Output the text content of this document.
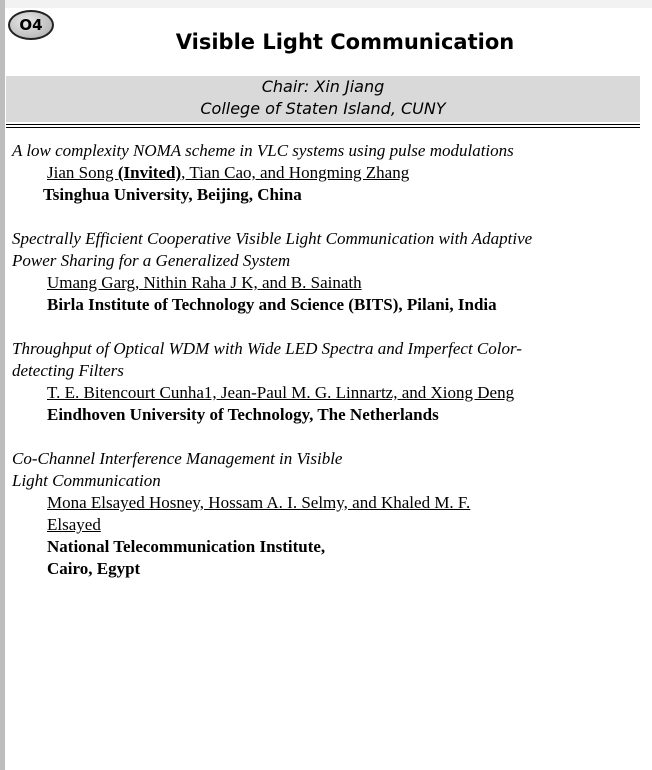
O4
Visible Light Communication
Chair: Xin Jiang
College of Staten Island, CUNY

A low complexity NOMA scheme in VLC systems using pulse modulations

Jian Song (Invited), Tian Cao, and Hongming Zhang

Tsinghua University, Beijing, China

Spectrally Efficient Cooperative Visible Light Communication with Adaptive

Power Sharing for a Generalized System

Umang Garg, Nithin Raha J K, and B. Sainath

Birla Institute of Technology and Science (BITS), Pilani, India

Throughput of Optical WDM with Wide LED Spectra and Imperfect Color-

detecting Filters

T. E. Bitencourt Cunha1, Jean-Paul M. G. Linnartz, and Xiong Deng

Eindhoven University of Technology, The Netherlands

Co-Channel Interference Management in Visible

Light Communication

Mona Elsayed Hosney, Hossam A. I. Selmy, and Khaled M. F.

Elsayed

National Telecommunication Institute,

Cairo, Egypt
